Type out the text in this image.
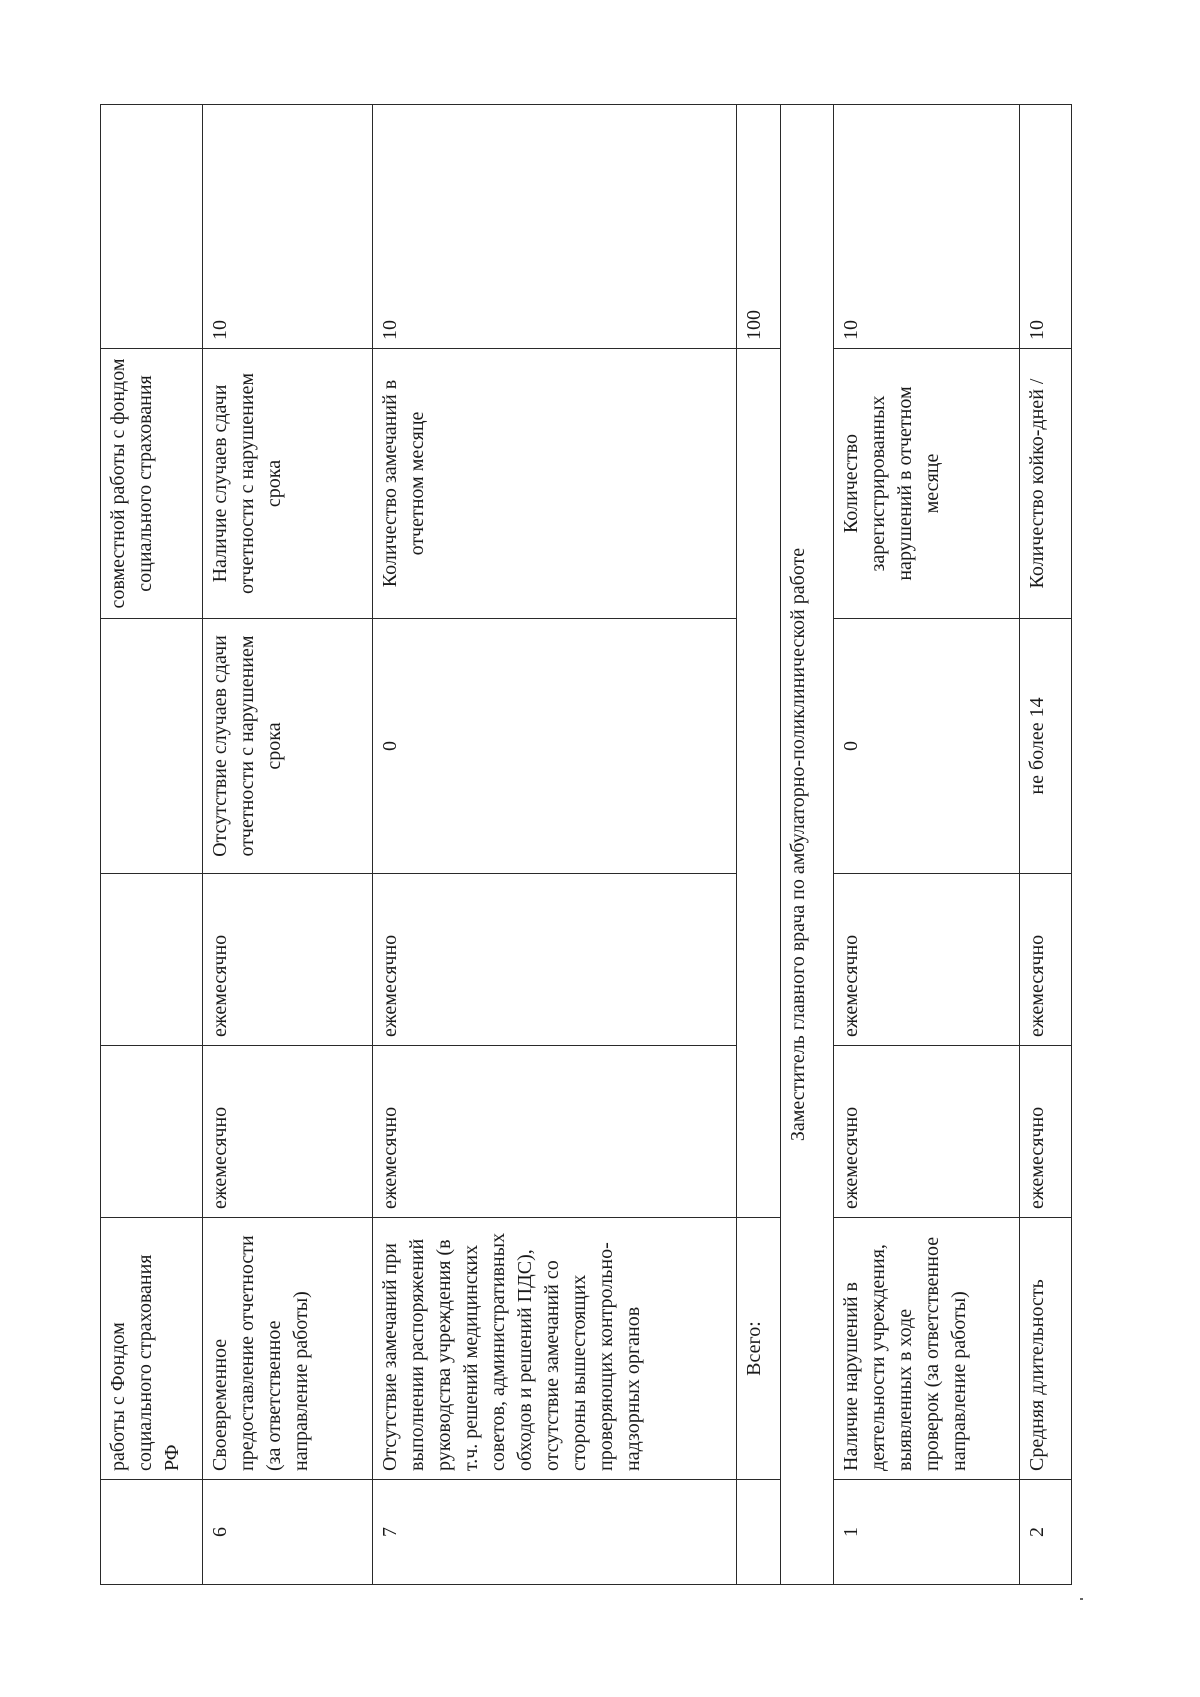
	работы с Фондом социального страхования РФ				совместной работы с фондом социального страхования	
6	Своевременное предоставление отчетности (за ответственное направление работы)	ежемесячно	ежемесячно	Отсутствие случаев сдачи отчетности с нарушением срока	Наличие случаев сдачи отчетности с нарушением срока	10
7	Отсутствие замечаний при выполнении распоряжений руководства учреждения (в т.ч. решений медицинских советов, административных обходов и решений ПДС), отсутствие замечаний со стороны вышестоящих проверяющих контрольно-надзорных органов	ежемесячно	ежемесячно	0	Количество замечаний в отчетном месяце	10
	Всего:					100
Заместитель главного врача по амбулаторно-поликлинической работе						
1	Наличие нарушений в деятельности учреждения, выявленных в ходе проверок (за ответственное направление работы)	ежемесячно	ежемесячно	0	Количество зарегистрированных нарушений в отчетном месяце	10
2	Средняя длительность	ежемесячно	ежемесячно	не более 14	Количество койко-дней /	10
